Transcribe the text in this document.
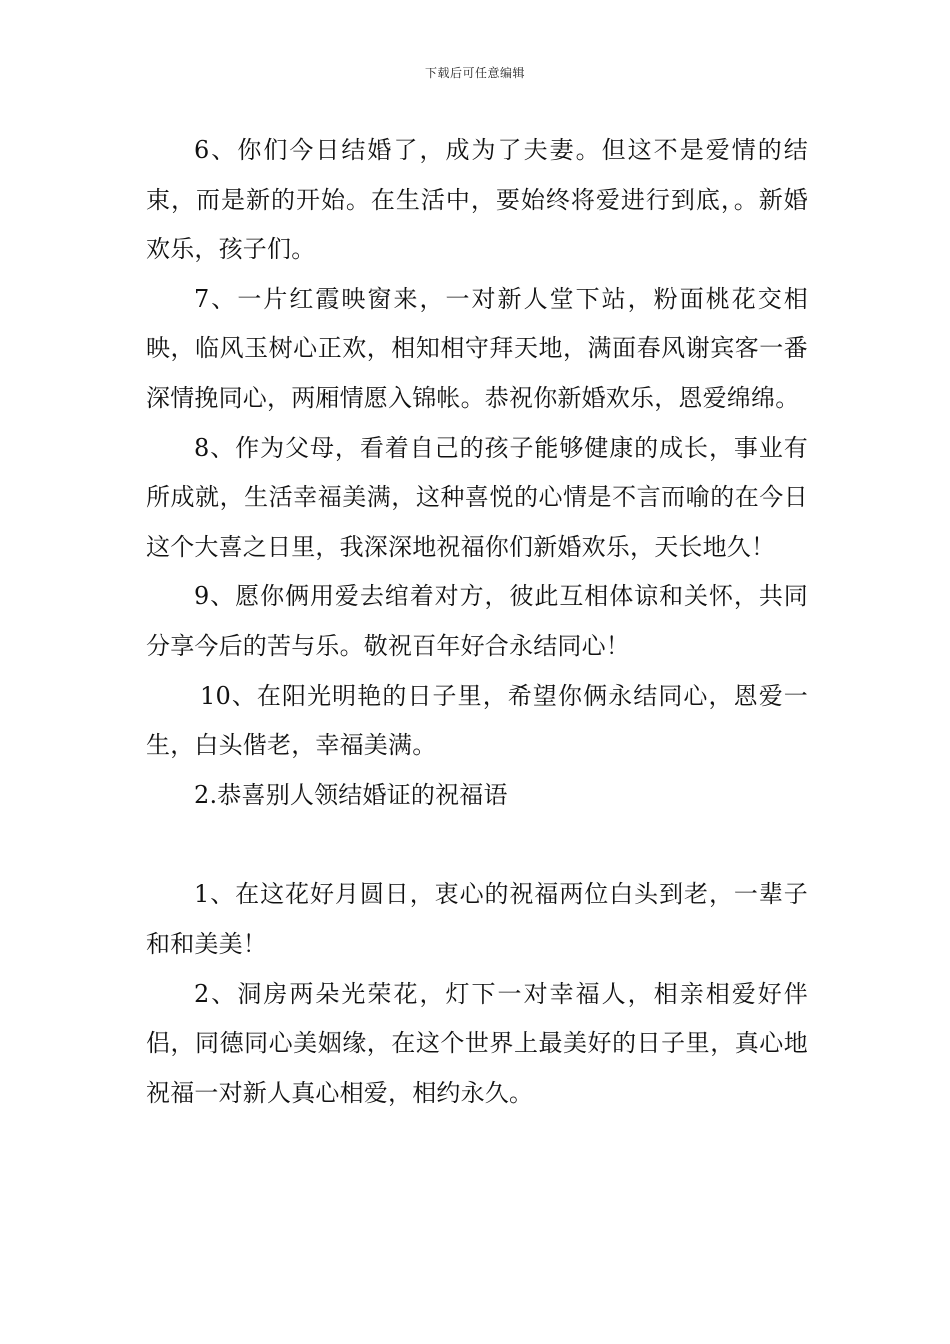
下载后可任意编辑

6、你们今日结婚了，成为了夫妻。但这不是爱情的结束，而是新的开始。在生活中，要始终将爱进行到底，。新婚欢乐，孩子们。

7、一片红霞映窗来，一对新人堂下站，粉面桃花交相映，临风玉树心正欢，相知相守拜天地，满面春风谢宾客一番深情挽同心，两厢情愿入锦帐。恭祝你新婚欢乐，恩爱绵绵。

8、作为父母，看着自己的孩子能够健康的成长，事业有所成就，生活幸福美满，这种喜悦的心情是不言而喻的在今日这个大喜之日里，我深深地祝福你们新婚欢乐，天长地久！

9、愿你俩用爱去绾着对方，彼此互相体谅和关怀，共同分享今后的苦与乐。敬祝百年好合永结同心！

10、在阳光明艳的日子里，希望你俩永结同心，恩爱一生，白头偕老，幸福美满。

2.恭喜别人领结婚证的祝福语

1、在这花好月圆日，衷心的祝福两位白头到老，一辈子和和美美！

2、洞房两朵光荣花，灯下一对幸福人，相亲相爱好伴侣，同德同心美姻缘，在这个世界上最美好的日子里，真心地祝福一对新人真心相爱，相约永久。
